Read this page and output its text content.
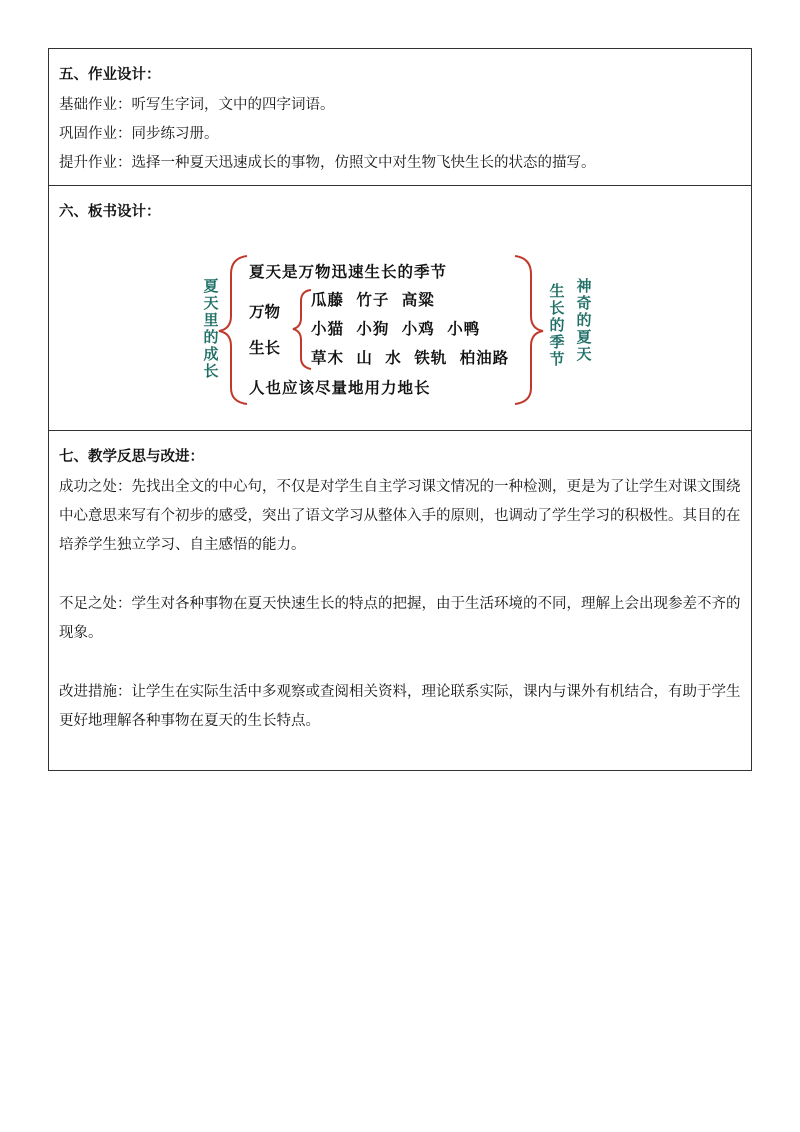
五、作业设计：
基础作业：听写生字词，文中的四字词语。
巩固作业：同步练习册。
提升作业：选择一种夏天迅速成长的事物，仿照文中对生物飞快生长的状态的描写。
六、板书设计：
夏
天
里
的
成
长
夏天是万物迅速生长的季节
万物
生长
瓜藤 竹子 高粱
小猫 小狗 小鸡 小鸭
草木 山 水 铁轨 柏油路
人也应该尽量地用力地长
生
长
的
季
节
神
奇
的
夏
天
七、教学反思与改进：

成功之处：先找出全文的中心句，不仅是对学生自主学习课文情况的一种检测，更是为了让学生对课文围绕中心意思来写有个初步的感受，突出了语文学习从整体入手的原则，也调动了学生学习的积极性。其目的在培养学生独立学习、自主感悟的能力。

不足之处：学生对各种事物在夏天快速生长的特点的把握，由于生活环境的不同，理解上会出现参差不齐的现象。

改进措施：让学生在实际生活中多观察或查阅相关资料，理论联系实际，课内与课外有机结合，有助于学生更好地理解各种事物在夏天的生长特点。
